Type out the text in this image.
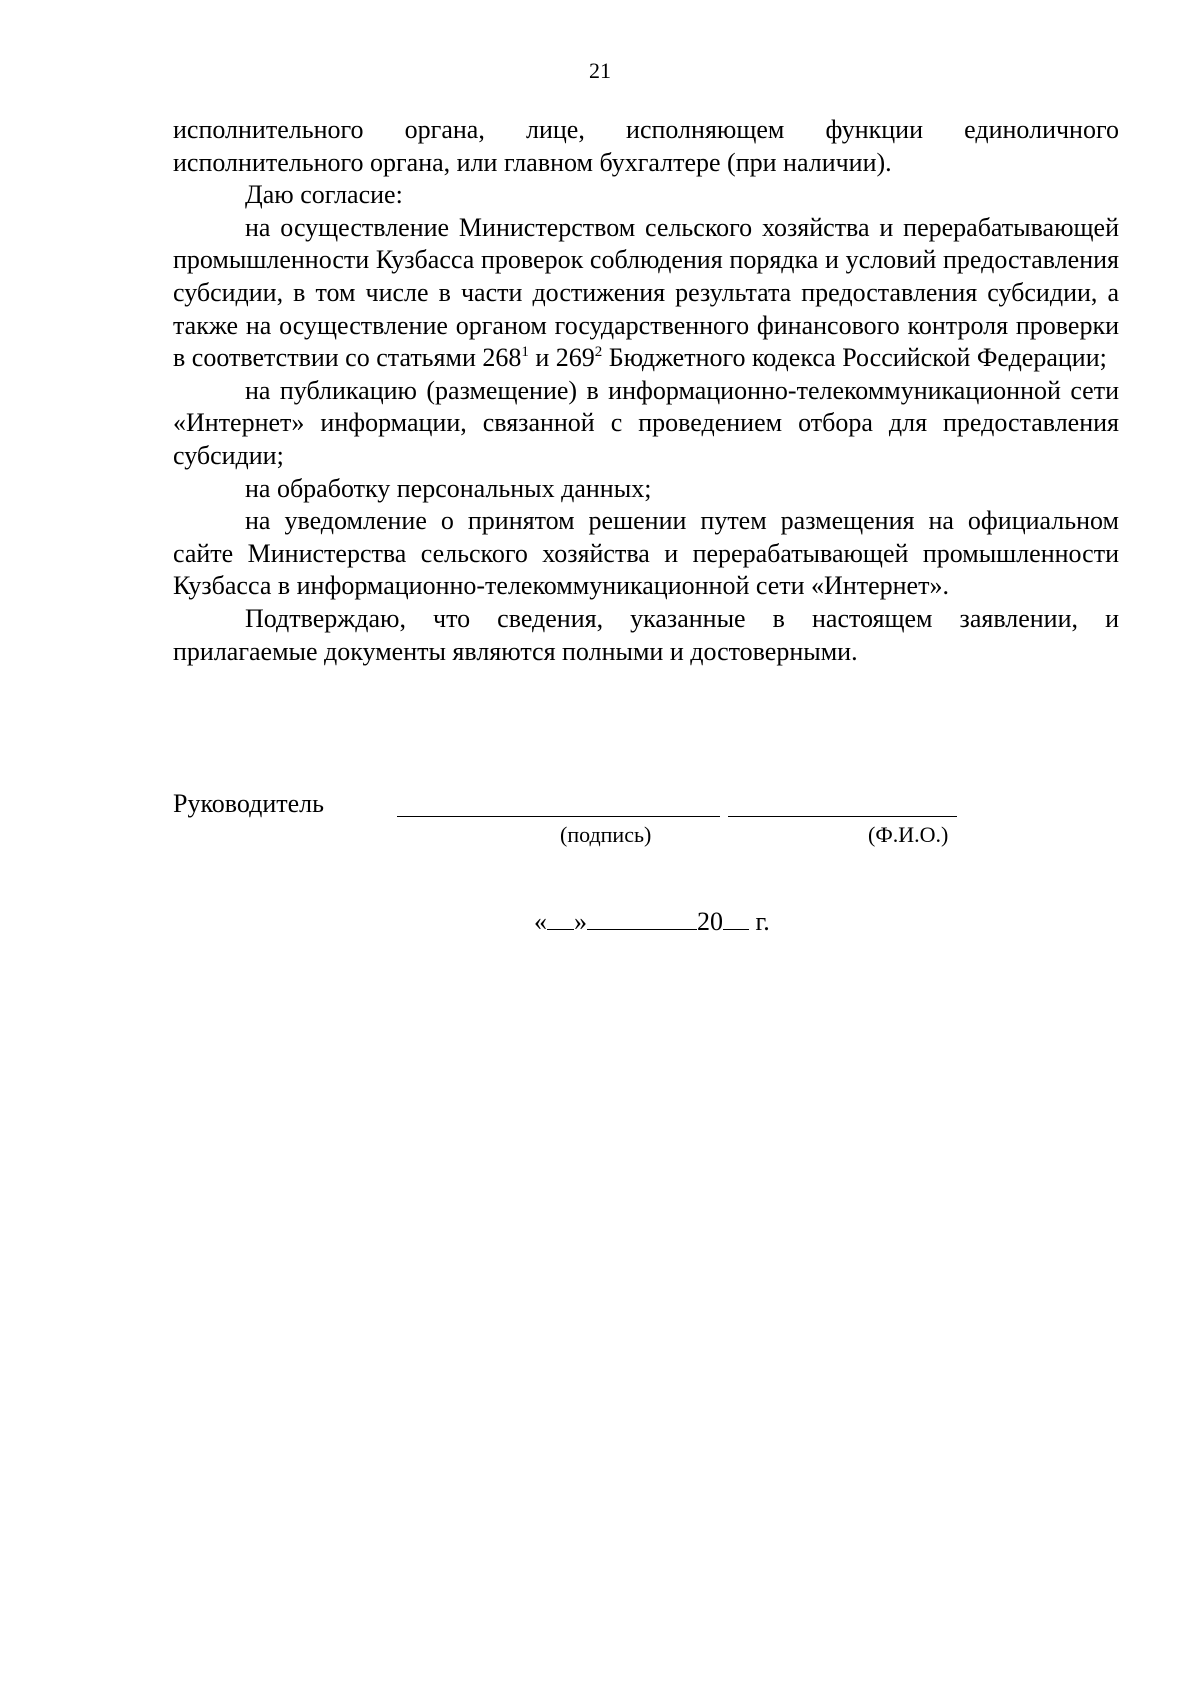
21

исполнительного органа, лице, исполняющем функции единоличного исполнительного органа, или главном бухгалтере (при наличии).

Даю согласие:

на осуществление Министерством сельского хозяйства и перерабатывающей промышленности Кузбасса проверок соблюдения порядка и условий предоставления субсидии, в том числе в части достижения результата предоставления субсидии, а также на осуществление органом государственного финансового контроля проверки в соответствии со статьями $268^1$ и $269^2$ Бюджетного кодекса Российской Федерации;

на публикацию (размещение) в информационно-телекоммуникационной сети «Интернет» информации, связанной с проведением отбора для предоставления субсидии;

на обработку персональных данных;

на уведомление о принятом решении путем размещения на официальном сайте Министерства сельского хозяйства и перерабатывающей промышленности Кузбасса в информационно-телекоммуникационной сети «Интернет».

Подтверждаю, что сведения, указанные в настоящем заявлении, и прилагаемые документы являются полными и достоверными.

Руководитель
(подпись)	(Ф.И.О.)
« »	20 г.
